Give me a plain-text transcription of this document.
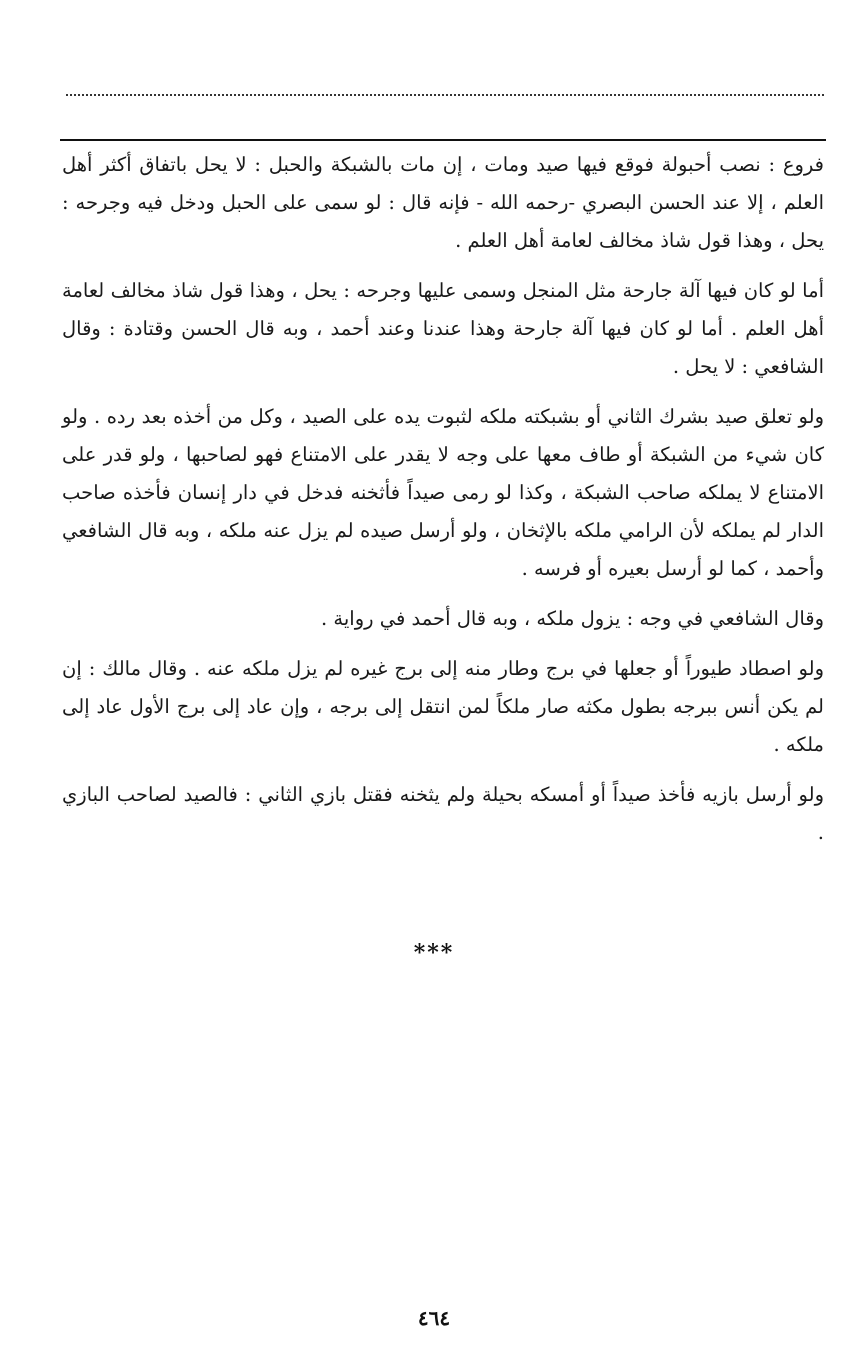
فروع : نصب أحبولة فوقع فيها صيد ومات ، إن مات بالشبكة والحبل : لا يحل باتفاق أكثر أهل العلم ، إلا عند الحسن البصري -رحمه الله - فإنه قال : لو سمى على الحبل ودخل فيه وجرحه : يحل ، وهذا قول شاذ مخالف لعامة أهل العلم .

أما لو كان فيها آلة جارحة مثل المنجل وسمى عليها وجرحه : يحل ، وهذا قول شاذ مخالف لعامة أهل العلم . أما لو كان فيها آلة جارحة وهذا عندنا وعند أحمد ، وبه قال الحسن وقتادة : وقال الشافعي : لا يحل .

ولو تعلق صيد بشرك الثاني أو بشبكته ملكه لثبوت يده على الصيد ، وكل من أخذه بعد رده . ولو كان شيء من الشبكة أو طاف معها على وجه لا يقدر على الامتناع فهو لصاحبها ، ولو قدر على الامتناع لا يملكه صاحب الشبكة ، وكذا لو رمى صيداً فأثخنه فدخل في دار إنسان فأخذه صاحب الدار لم يملكه لأن الرامي ملكه بالإثخان ، ولو أرسل صيده لم يزل عنه ملكه ، وبه قال الشافعي وأحمد ، كما لو أرسل بعيره أو فرسه .

وقال الشافعي في وجه : يزول ملكه ، وبه قال أحمد في رواية .

ولو اصطاد طيوراً أو جعلها في برج وطار منه إلى برج غيره لم يزل ملكه عنه . وقال مالك : إن لم يكن أنس ببرجه بطول مكثه صار ملكاً لمن انتقل إلى برجه ، وإن عاد إلى برج الأول عاد إلى ملكه .

ولو أرسل بازيه فأخذ صيداً أو أمسكه بحيلة ولم يثخنه فقتل بازي الثاني : فالصيد لصاحب البازي .

***
٤٦٤
